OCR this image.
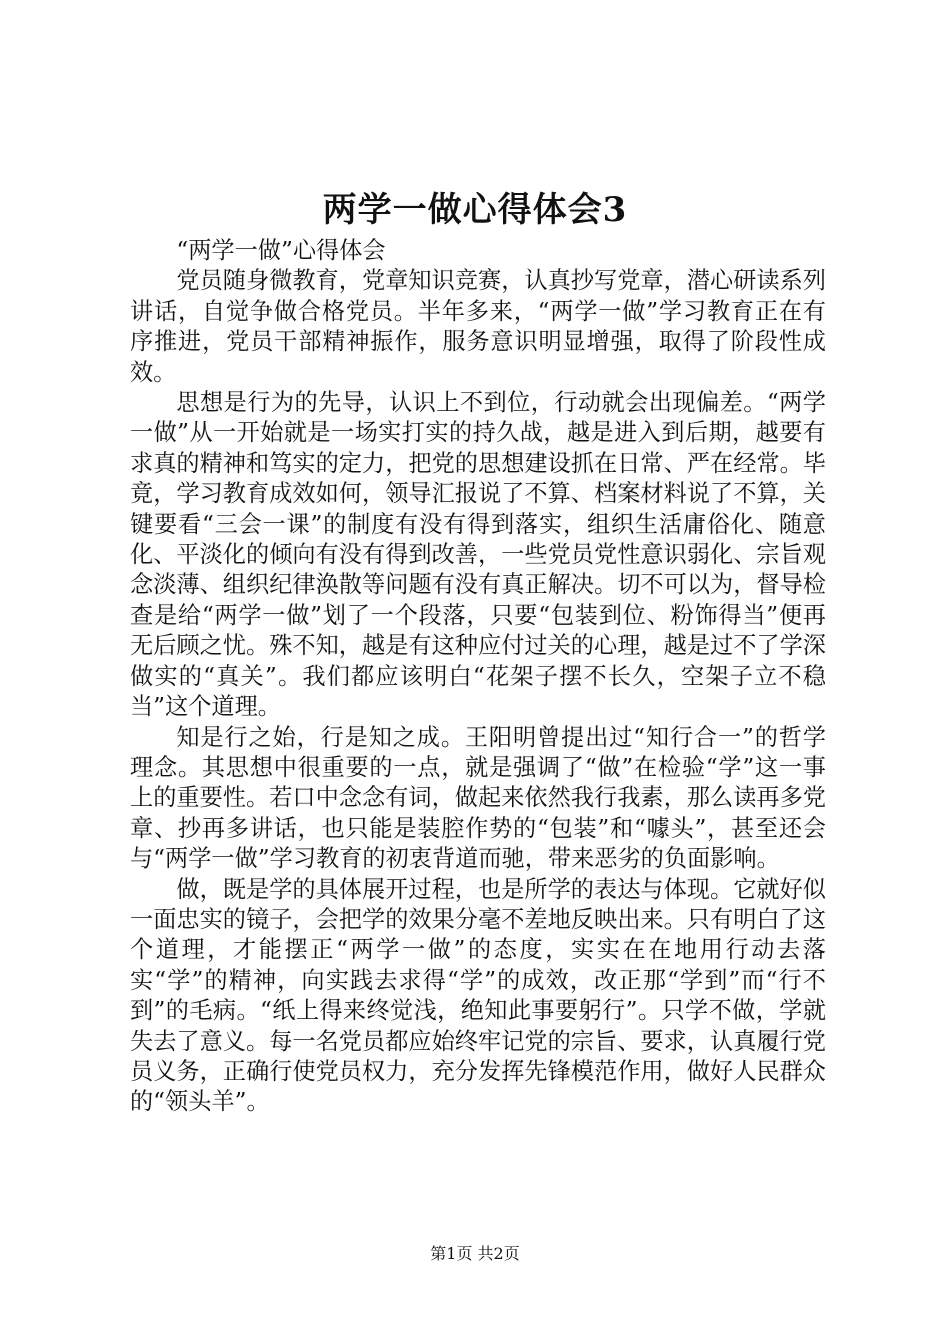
两学一做心得体会3

“两学一做”心得体会

党员随身微教育，党章知识竞赛，认真抄写党章，潜心研读系列讲话，自觉争做合格党员。半年多来，“两学一做”学习教育正在有序推进，党员干部精神振作，服务意识明显增强，取得了阶段性成效。

思想是行为的先导，认识上不到位，行动就会出现偏差。“两学一做”从一开始就是一场实打实的持久战，越是进入到后期，越要有求真的精神和笃实的定力，把党的思想建设抓在日常、严在经常。毕竟，学习教育成效如何，领导汇报说了不算、档案材料说了不算，关键要看“三会一课”的制度有没有得到落实，组织生活庸俗化、随意化、平淡化的倾向有没有得到改善，一些党员党性意识弱化、宗旨观念淡薄、组织纪律涣散等问题有没有真正解决。切不可以为，督导检查是给“两学一做”划了一个段落，只要“包装到位、粉饰得当”便再无后顾之忧。殊不知，越是有这种应付过关的心理，越是过不了学深做实的“真关”。我们都应该明白“花架子摆不长久，空架子立不稳当”这个道理。

知是行之始，行是知之成。王阳明曾提出过“知行合一”的哲学理念。其思想中很重要的一点，就是强调了“做”在检验“学”这一事上的重要性。若口中念念有词，做起来依然我行我素，那么读再多党章、抄再多讲话，也只能是装腔作势的“包装”和“噱头”，甚至还会与“两学一做”学习教育的初衷背道而驰，带来恶劣的负面影响。

做，既是学的具体展开过程，也是所学的表达与体现。它就好似一面忠实的镜子，会把学的效果分毫不差地反映出来。只有明白了这个道理，才能摆正“两学一做”的态度，实实在在地用行动去落实“学”的精神，向实践去求得“学”的成效，改正那“学到”而“行不到”的毛病。“纸上得来终觉浅，绝知此事要躬行”。只学不做，学就失去了意义。每一名党员都应始终牢记党的宗旨、要求，认真履行党员义务，正确行使党员权力，充分发挥先锋模范作用，做好人民群众的“领头羊”。

第1页 共2页
